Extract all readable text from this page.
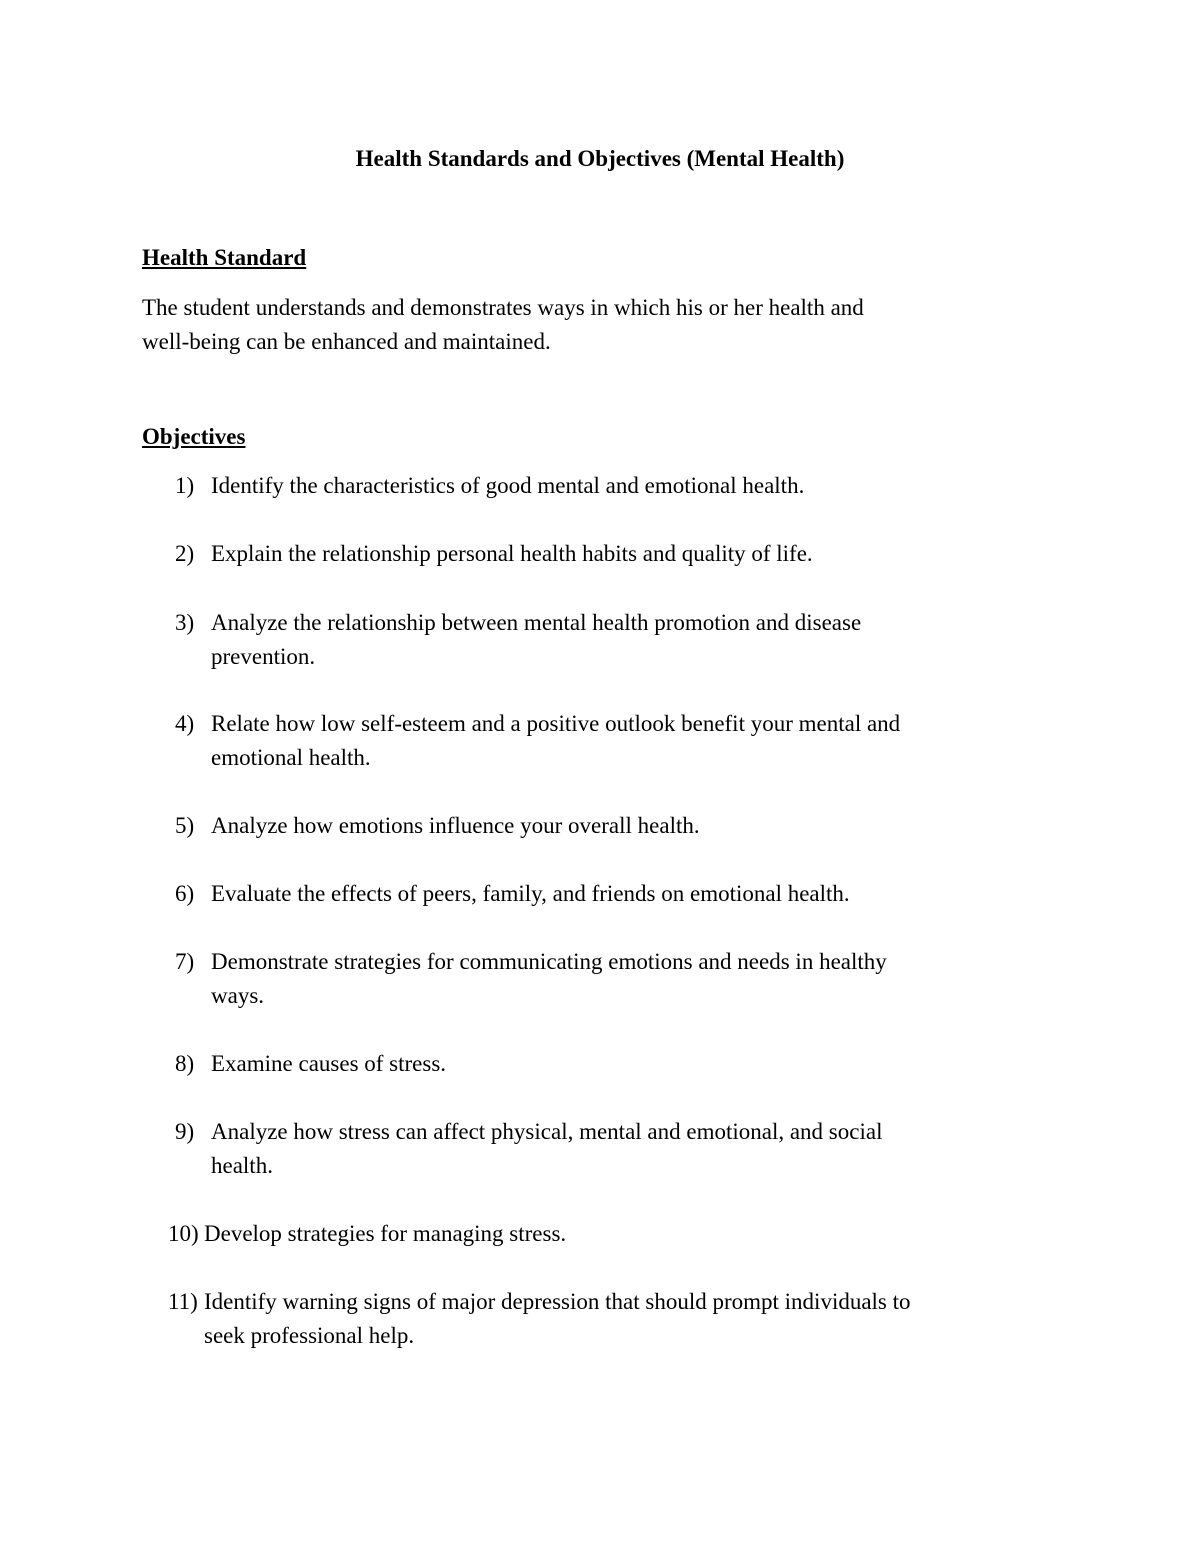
Health Standards and Objectives (Mental Health)
Health Standard
The student understands and demonstrates ways in which his or her health and
well-being can be enhanced and maintained.
Objectives
1) Identify the characteristics of good mental and emotional health.
2) Explain the relationship personal health habits and quality of life.
3) Analyze the relationship between mental health promotion and disease
prevention.
4) Relate how low self-esteem and a positive outlook benefit your mental and
emotional health.
5) Analyze how emotions influence your overall health.
6) Evaluate the effects of peers, family, and friends on emotional health.
7) Demonstrate strategies for communicating emotions and needs in healthy
ways.
8) Examine causes of stress.
9) Analyze how stress can affect physical, mental and emotional, and social
health.
10) Develop strategies for managing stress.
11) Identify warning signs of major depression that should prompt individuals to
seek professional help.
